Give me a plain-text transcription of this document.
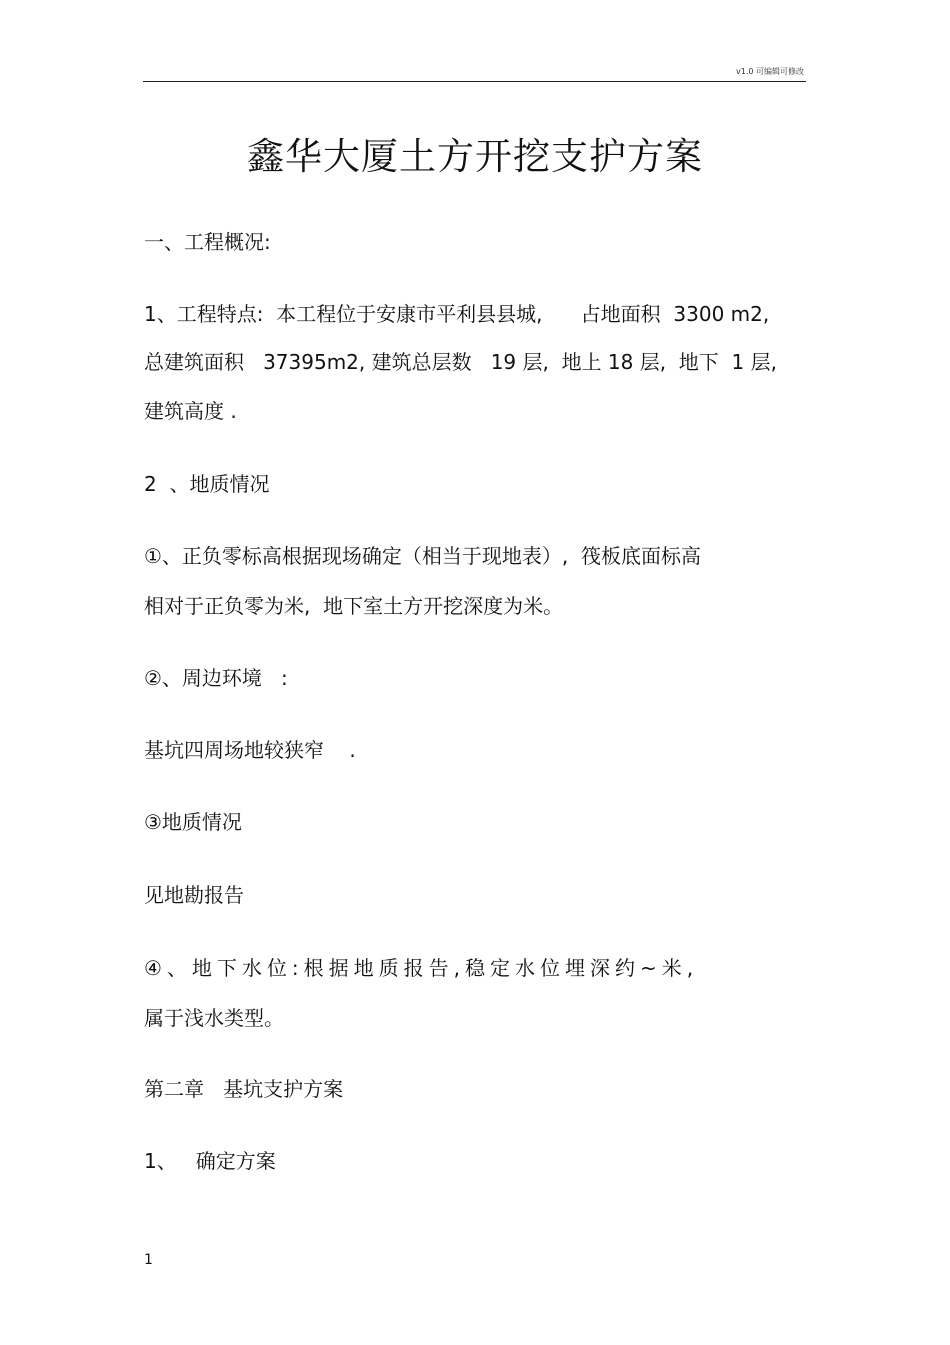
v1.0 可编辑可修改
鑫华大厦土方开挖支护方案
一、工程概况:
1、工程特点:  本工程位于安康市平利县县城,      占地面积  3300 m2,
总建筑面积   37395m2, 建筑总层数   19 层,  地上 18 层,  地下  1 层,
建筑高度 .
2  、地质情况
①、正负零标高根据现场确定（相当于现地表）,  筏板底面标高
相对于正负零为米,  地下室土方开挖深度为米。
②、周边环境   :
基坑四周场地较狭窄    .
③地质情况
见地勘报告
④、地下水位:根据地质报告,稳定水位埋深约~米,
属于浅水类型。
第二章   基坑支护方案
1、   确定方案
1
